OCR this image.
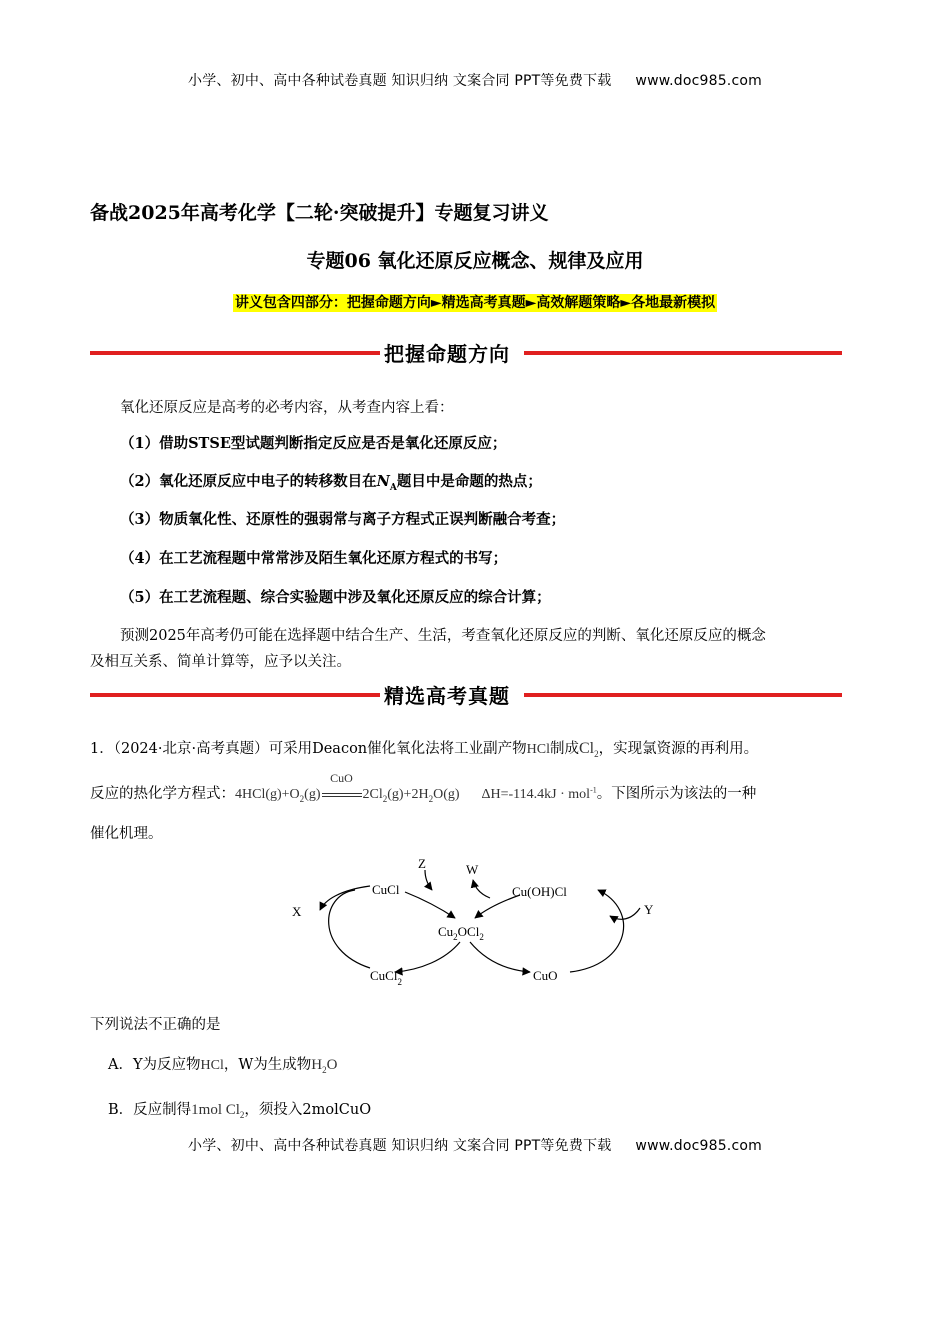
小学、初中、高中各种试卷真题 知识归纳 文案合同 PPT等免费下载 www.doc985.com
备战2025年高考化学【二轮·突破提升】专题复习讲义
专题06 氧化还原反应概念、规律及应用
讲义包含四部分：把握命题方向►精选高考真题►高效解题策略►各地最新模拟
把握命题方向
氧化还原反应是高考的必考内容，从考查内容上看：
（1）借助STSE型试题判断指定反应是否是氧化还原反应；
（2）氧化还原反应中电子的转移数目在$N_A$题目中是命题的热点；
（3）物质氧化性、还原性的强弱常与离子方程式正误判断融合考查；
（4）在工艺流程题中常常涉及陌生氧化还原方程式的书写；
（5）在工艺流程题、综合实验题中涉及氧化还原反应的综合计算；
预测2025年高考仍可能在选择题中结合生产、生活，考查氧化还原反应的判断、氧化还原反应的概念
及相互关系、简单计算等，应予以关注。
精选高考真题
1．（2024·北京·高考真题）可采用Deacon催化氧化法将工业副产物HCl制成$Cl_2$，实现氯资源的再利用。
反应的热化学方程式：$4HCl(g)+O_2(g)$
CuO
$2Cl_2(g)+2H_2O(g) \Delta H=-114.4kJ \cdot mol^{-1}$。下图所示为该法的一种
催化机理。
CuCl	Cu(OH)Cl
$Cu_2OCl_2$
CuCl$_2$	CuO
X	Y
Z	W
下列说法不正确的是
A．Y为反应物HCl，W为生成物$H_2O$
B．反应制得1mol $Cl_2$，须投入2molCuO
小学、初中、高中各种试卷真题 知识归纳 文案合同 PPT等免费下载 www.doc985.com
